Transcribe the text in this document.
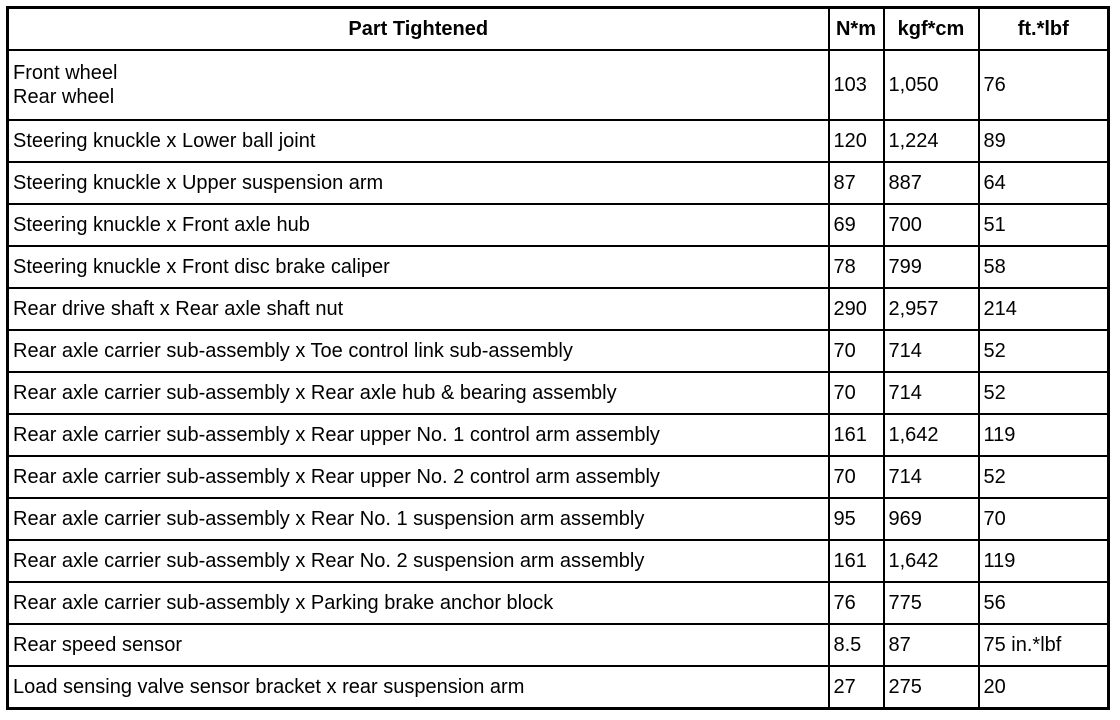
Part Tightened	N*m	kgf*cm	ft.*lbf

Front wheel
Rear wheel	103	1,050	76
Steering knuckle x Lower ball joint	120	1,224	89
Steering knuckle x Upper suspension arm	87	887	64
Steering knuckle x Front axle hub	69	700	51
Steering knuckle x Front disc brake caliper	78	799	58
Rear drive shaft x Rear axle shaft nut	290	2,957	214
Rear axle carrier sub-assembly x Toe control link sub-assembly	70	714	52
Rear axle carrier sub-assembly x Rear axle hub & bearing assembly	70	714	52
Rear axle carrier sub-assembly x Rear upper No. 1 control arm assembly	161	1,642	119
Rear axle carrier sub-assembly x Rear upper No. 2 control arm assembly	70	714	52
Rear axle carrier sub-assembly x Rear No. 1 suspension arm assembly	95	969	70
Rear axle carrier sub-assembly x Rear No. 2 suspension arm assembly	161	1,642	119
Rear axle carrier sub-assembly x Parking brake anchor block	76	775	56
Rear speed sensor	8.5	87	75 in.*lbf
Load sensing valve sensor bracket x rear suspension arm	27	275	20
